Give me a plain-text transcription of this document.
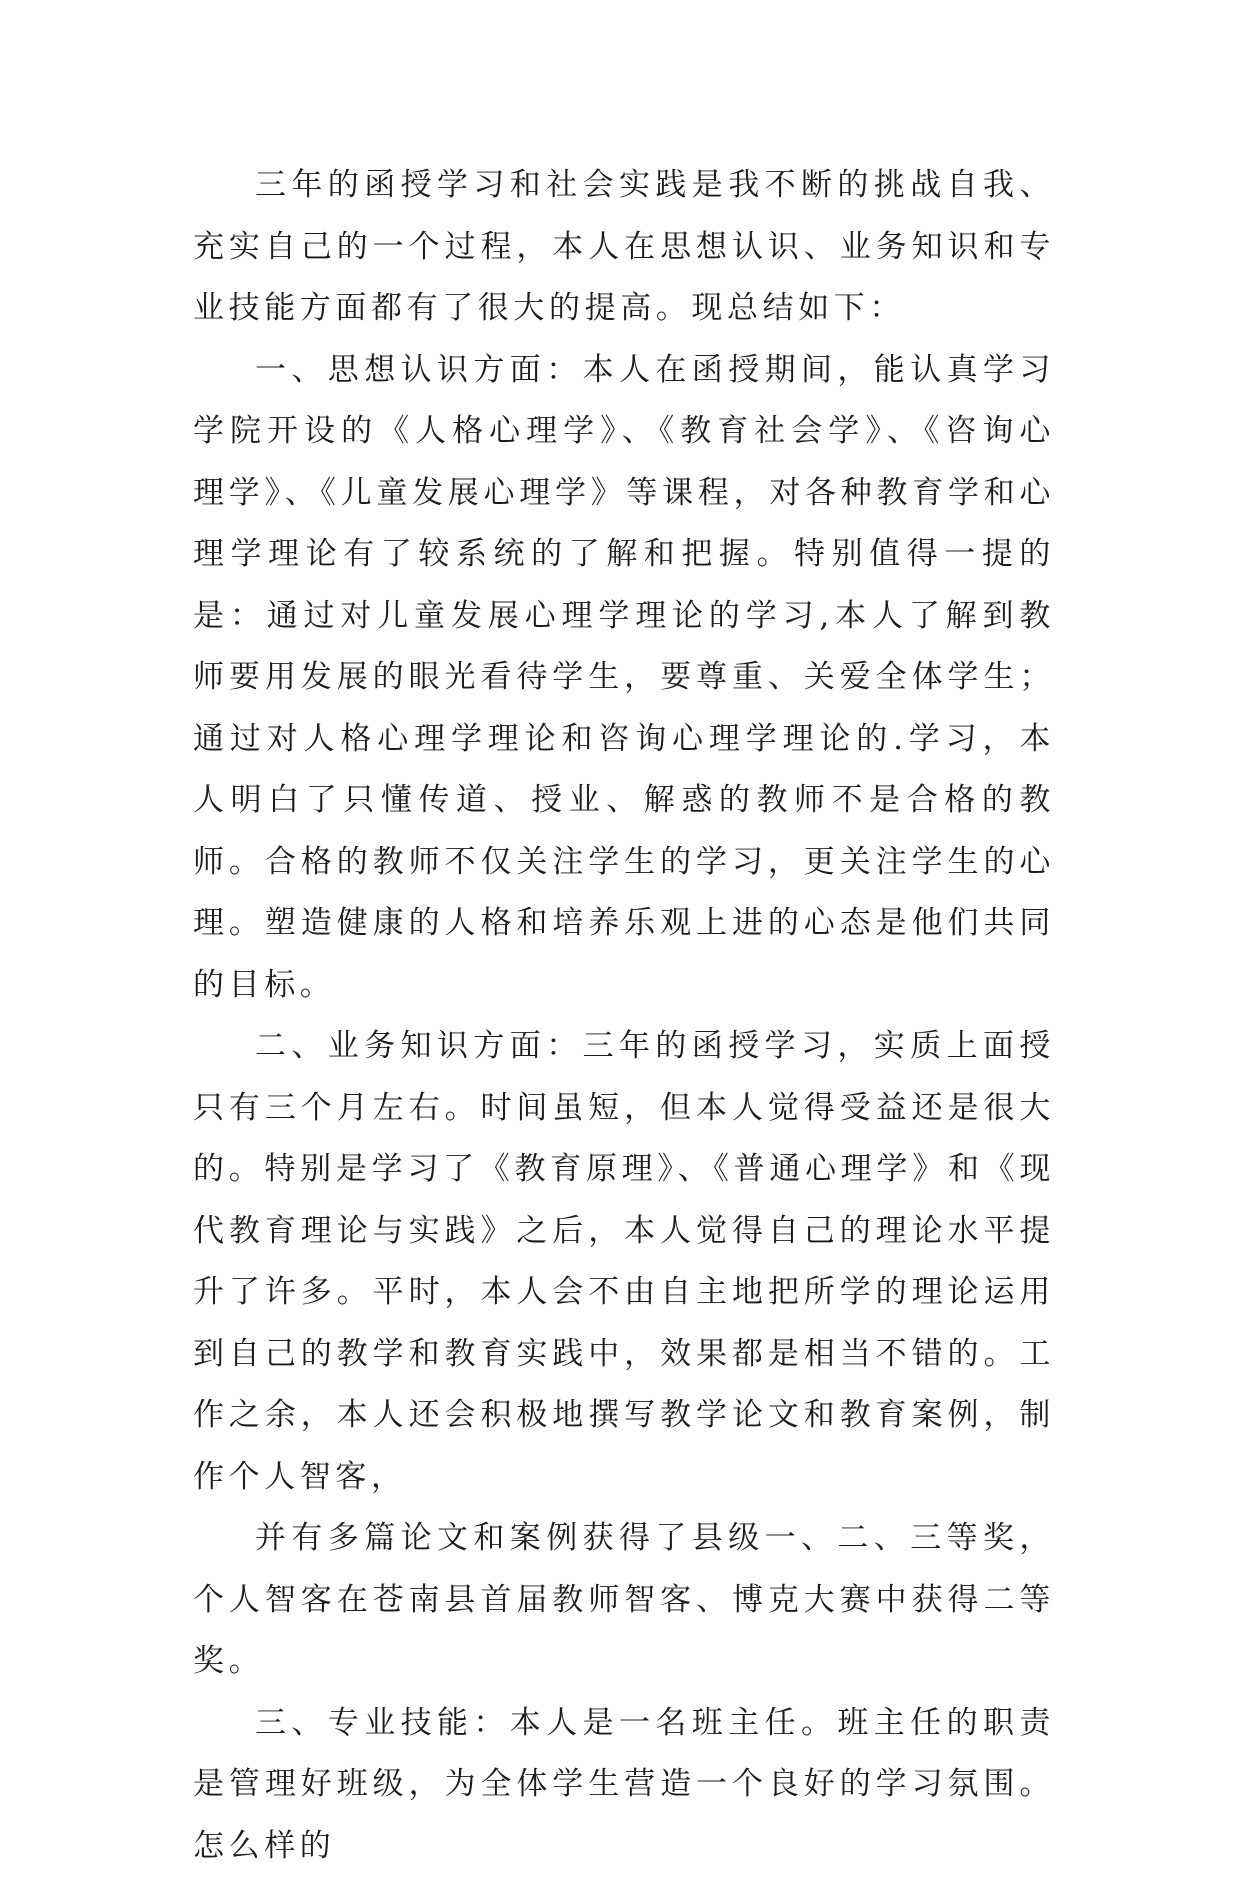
三年的函授学习和社会实践是我不断的挑战自我、充实自己的一个过程，本人在思想认识、业务知识和专业技能方面都有了很大的提高。现总结如下：

一、思想认识方面：本人在函授期间，能认真学习学院开设的《人格心理学》、《教育社会学》、《咨询心理学》、《儿童发展心理学》等课程，对各种教育学和心理学理论有了较系统的了解和把握。特别值得一提的是：通过对儿童发展心理学理论的学习,本人了解到教师要用发展的眼光看待学生，要尊重、关爱全体学生；通过对人格心理学理论和咨询心理学理论的.学习，本人明白了只懂传道、授业、解惑的教师不是合格的教师。合格的教师不仅关注学生的学习，更关注学生的心理。塑造健康的人格和培养乐观上进的心态是他们共同的目标。

二、业务知识方面：三年的函授学习，实质上面授只有三个月左右。时间虽短，但本人觉得受益还是很大的。特别是学习了《教育原理》、《普通心理学》和《现代教育理论与实践》之后，本人觉得自己的理论水平提升了许多。平时，本人会不由自主地把所学的理论运用到自己的教学和教育实践中，效果都是相当不错的。工作之余，本人还会积极地撰写教学论文和教育案例，制作个人智客，

并有多篇论文和案例获得了县级一、二、三等奖，个人智客在苍南县首届教师智客、博克大赛中获得二等奖。

三、专业技能：本人是一名班主任。班主任的职责是管理好班级，为全体学生营造一个良好的学习氛围。怎么样的
